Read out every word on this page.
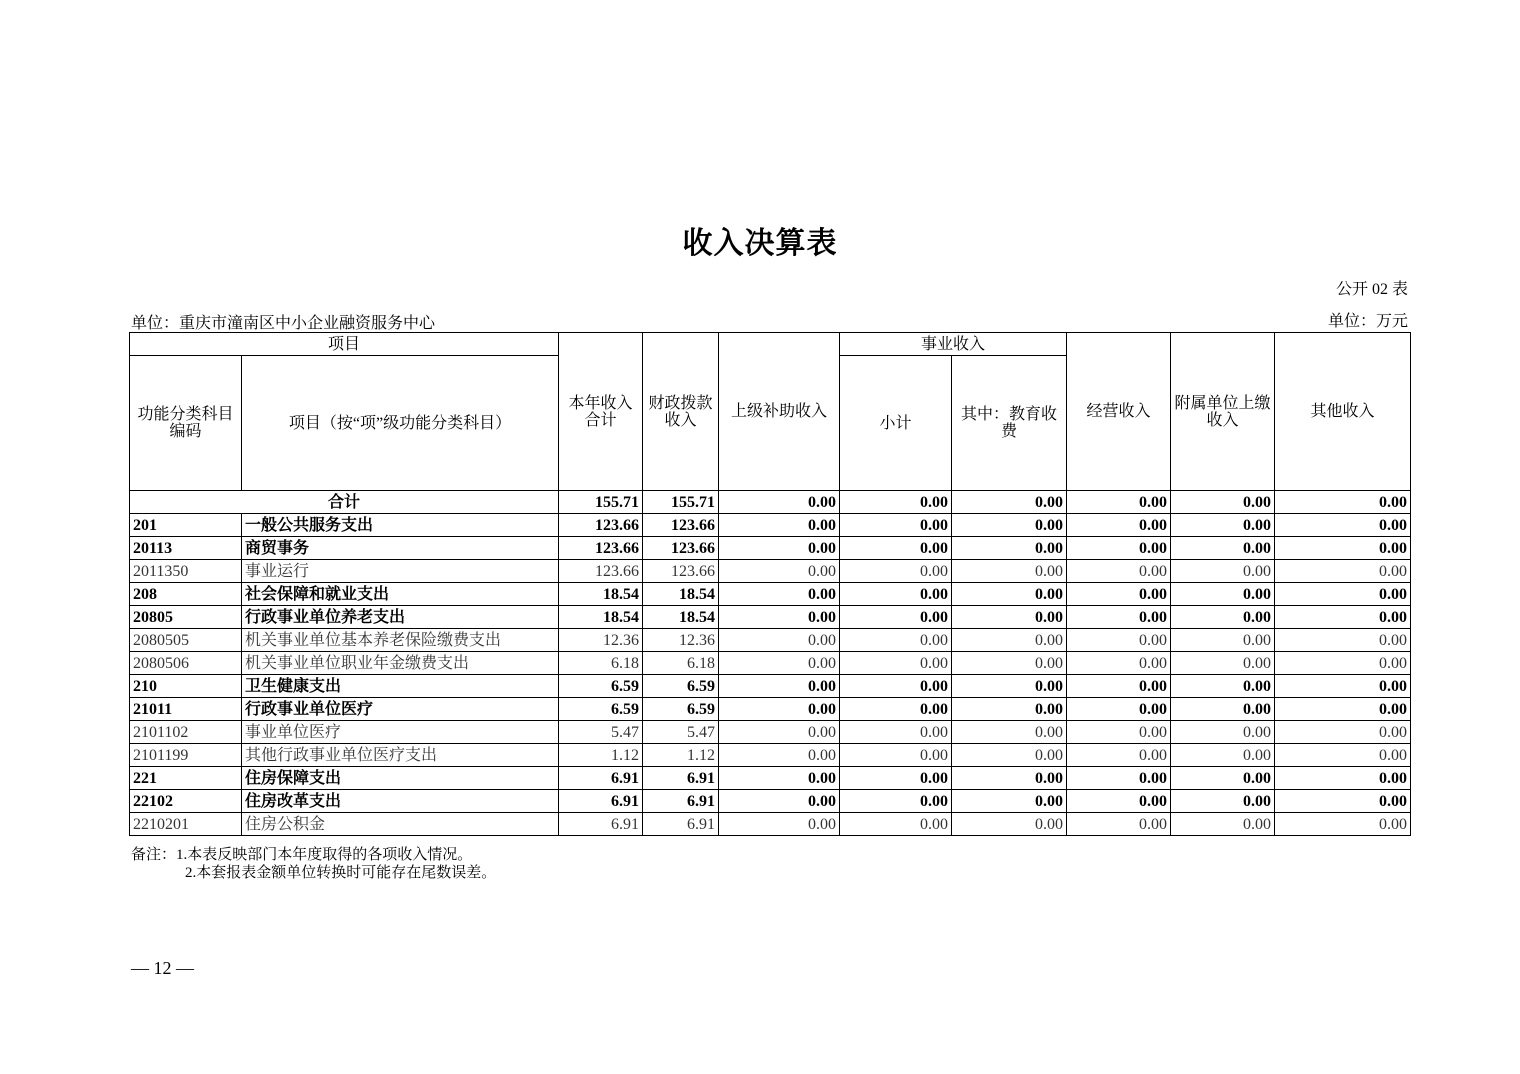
收入决算表
公开 02 表
单位：重庆市潼南区中小企业融资服务中心	单位：万元
项目		本年收入合计	财政拨款收入	上级补助收入	事业收入		经营收入	附属单位上缴收入	其他收入
功能分类科目编码	项目（按“项”级功能分类科目）				小计	其中：教育收费			
合计		155.71	155.71	0.00	0.00	0.00	0.00	0.00	0.00
201	一般公共服务支出	123.66	123.66	0.00	0.00	0.00	0.00	0.00	0.00
20113	商贸事务	123.66	123.66	0.00	0.00	0.00	0.00	0.00	0.00
2011350	事业运行	123.66	123.66	0.00	0.00	0.00	0.00	0.00	0.00
208	社会保障和就业支出	18.54	18.54	0.00	0.00	0.00	0.00	0.00	0.00
20805	行政事业单位养老支出	18.54	18.54	0.00	0.00	0.00	0.00	0.00	0.00
2080505	机关事业单位基本养老保险缴费支出	12.36	12.36	0.00	0.00	0.00	0.00	0.00	0.00
2080506	机关事业单位职业年金缴费支出	6.18	6.18	0.00	0.00	0.00	0.00	0.00	0.00
210	卫生健康支出	6.59	6.59	0.00	0.00	0.00	0.00	0.00	0.00
21011	行政事业单位医疗	6.59	6.59	0.00	0.00	0.00	0.00	0.00	0.00
2101102	事业单位医疗	5.47	5.47	0.00	0.00	0.00	0.00	0.00	0.00
2101199	其他行政事业单位医疗支出	1.12	1.12	0.00	0.00	0.00	0.00	0.00	0.00
221	住房保障支出	6.91	6.91	0.00	0.00	0.00	0.00	0.00	0.00
22102	住房改革支出	6.91	6.91	0.00	0.00	0.00	0.00	0.00	0.00
2210201	住房公积金	6.91	6.91	0.00	0.00	0.00	0.00	0.00	0.00
备注：1.本表反映部门本年度取得的各项收入情况。
2.本套报表金额单位转换时可能存在尾数误差。
— 12 —
